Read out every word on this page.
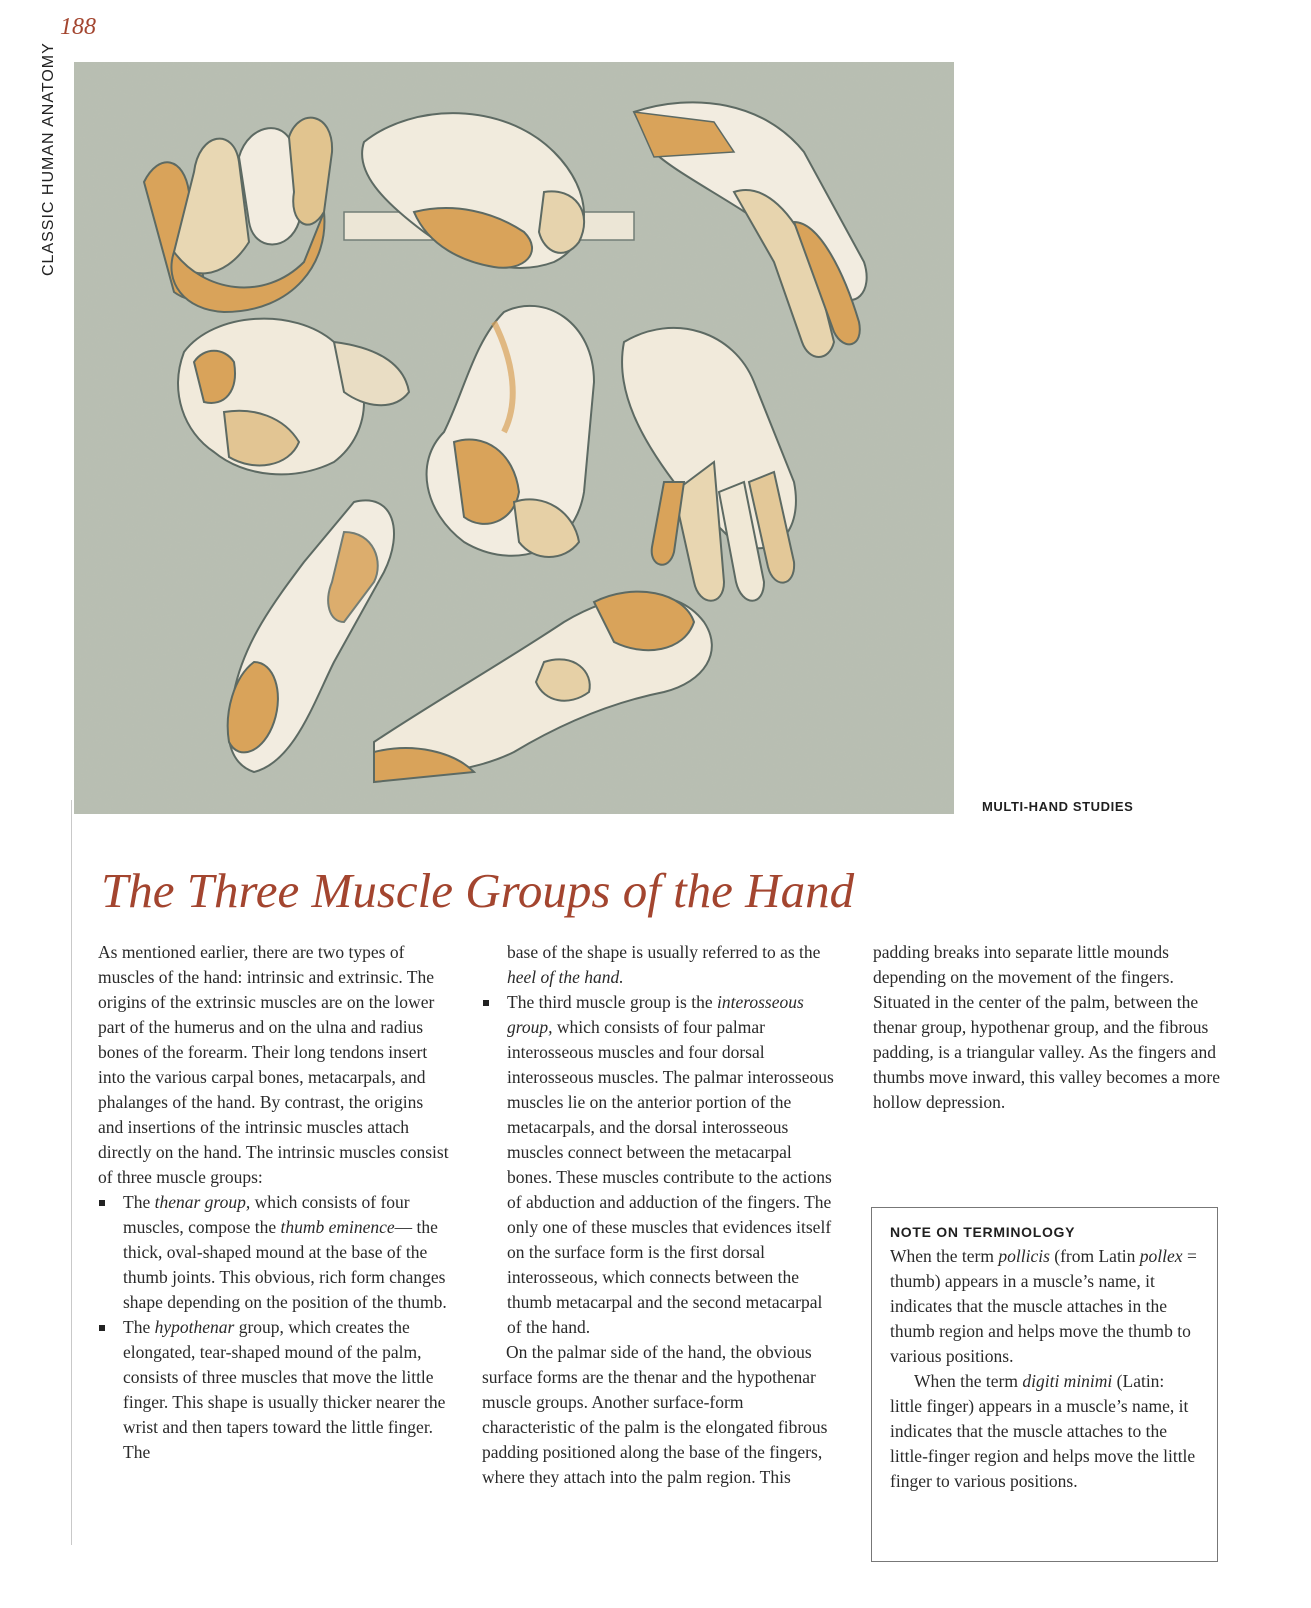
188
CLASSIC HUMAN ANATOMY
MULTI-HAND STUDIES
The Three Muscle Groups of the Hand

As mentioned earlier, there are two types of muscles of the hand: intrinsic and extrinsic. The origins of the extrinsic muscles are on the lower part of the humerus and on the ulna and radius bones of the forearm. Their long tendons insert into the various carpal bones, metacarpals, and phalanges of the hand. By contrast, the origins and insertions of the intrinsic muscles attach directly on the hand. The intrinsic muscles consist of three muscle groups:

The thenar group, which consists of four muscles, compose the thumb eminence— the thick, oval-shaped mound at the base of the thumb joints. This obvious, rich form changes shape depending on the position of the thumb.
The hypothenar group, which creates the elongated, tear-shaped mound of the palm, consists of three muscles that move the little finger. This shape is usually thicker nearer the wrist and then tapers toward the little finger. The

base of the shape is usually referred to as the heel of the hand.

The third muscle group is the interosseous group, which consists of four palmar interosseous muscles and four dorsal interosseous muscles. The palmar interosseous muscles lie on the anterior portion of the metacarpals, and the dorsal interosseous muscles connect between the metacarpal bones. These muscles contribute to the actions of abduction and adduction of the fingers. The only one of these muscles that evidences itself on the surface form is the first dorsal interosseous, which connects between the thumb metacarpal and the second metacarpal of the hand.

On the palmar side of the hand, the obvious surface forms are the thenar and the hypothenar muscle groups. Another surface-form characteristic of the palm is the elongated fibrous padding positioned along the base of the fingers, where they attach into the palm region. This

padding breaks into separate little mounds depending on the movement of the fingers. Situated in the center of the palm, between the thenar group, hypothenar group, and the fibrous padding, is a triangular valley. As the fingers and thumbs move inward, this valley becomes a more hollow depression.

NOTE ON TERMINOLOGY

When the term pollicis (from Latin pollex = thumb) appears in a muscle’s name, it indicates that the muscle attaches in the thumb region and helps move the thumb to various positions.

When the term digiti minimi (Latin: little finger) appears in a muscle’s name, it indicates that the muscle attaches to the little-finger region and helps move the little finger to various positions.
